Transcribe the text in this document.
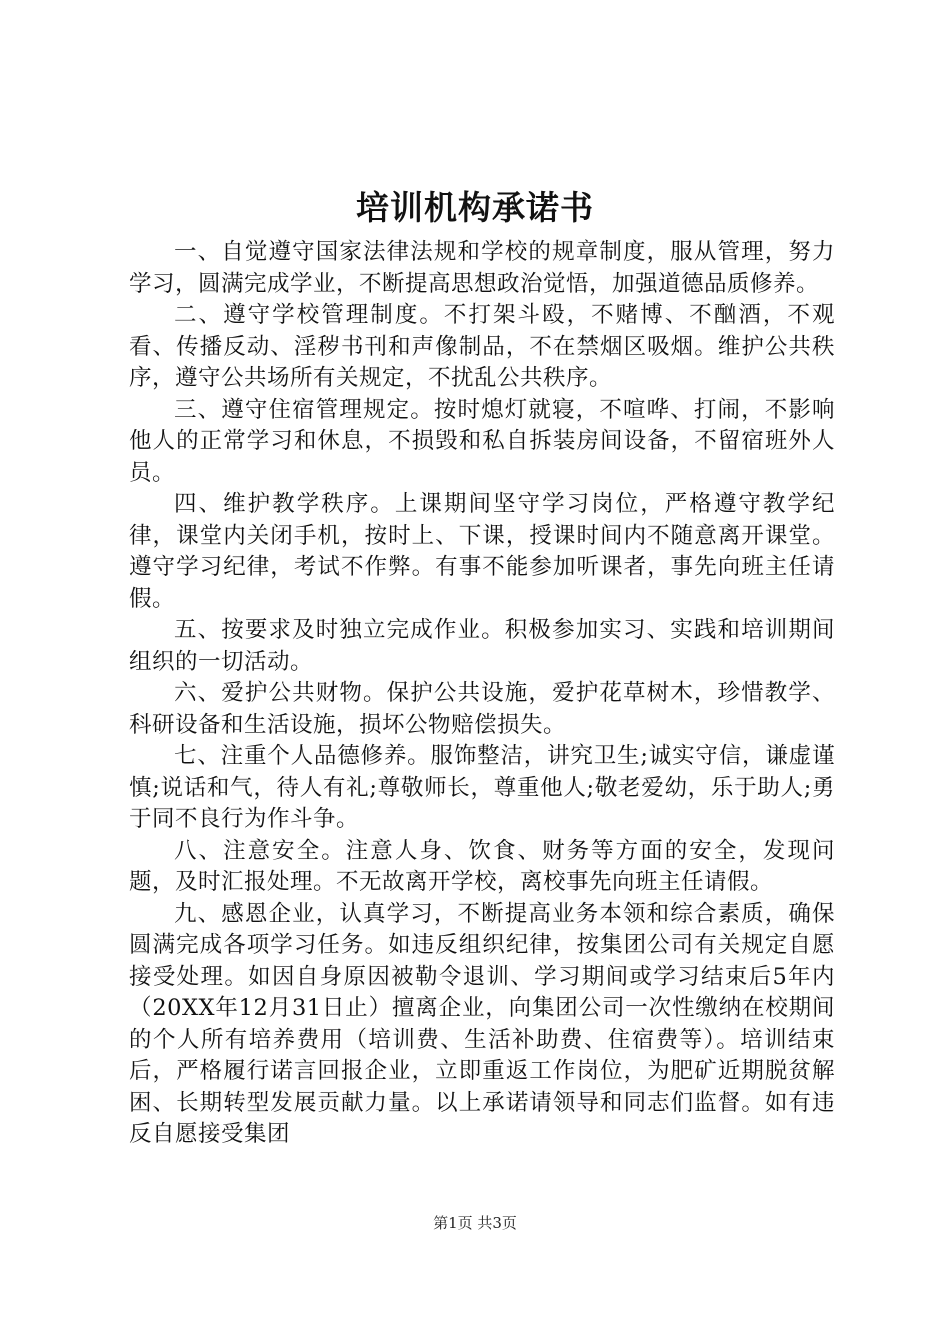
培训机构承诺书

一、自觉遵守国家法律法规和学校的规章制度，服从管理，努力学习，圆满完成学业，不断提高思想政治觉悟，加强道德品质修养。

二、遵守学校管理制度。不打架斗殴，不赌博、不酗酒，不观看、传播反动、淫秽书刊和声像制品，不在禁烟区吸烟。维护公共秩序，遵守公共场所有关规定，不扰乱公共秩序。

三、遵守住宿管理规定。按时熄灯就寝，不喧哗、打闹，不影响他人的正常学习和休息，不损毁和私自拆装房间设备，不留宿班外人员。

四、维护教学秩序。上课期间坚守学习岗位，严格遵守教学纪律，课堂内关闭手机，按时上、下课，授课时间内不随意离开课堂。遵守学习纪律，考试不作弊。有事不能参加听课者，事先向班主任请假。

五、按要求及时独立完成作业。积极参加实习、实践和培训期间组织的一切活动。

六、爱护公共财物。保护公共设施，爱护花草树木，珍惜教学、科研设备和生活设施，损坏公物赔偿损失。

七、注重个人品德修养。服饰整洁，讲究卫生;诚实守信，谦虚谨慎;说话和气，待人有礼;尊敬师长，尊重他人;敬老爱幼，乐于助人;勇于同不良行为作斗争。

八、注意安全。注意人身、饮食、财务等方面的安全，发现问题，及时汇报处理。不无故离开学校，离校事先向班主任请假。

九、感恩企业，认真学习，不断提高业务本领和综合素质，确保圆满完成各项学习任务。如违反组织纪律，按集团公司有关规定自愿接受处理。如因自身原因被勒令退训、学习期间或学习结束后5年内（20XX年12月31日止）擅离企业，向集团公司一次性缴纳在校期间的个人所有培养费用（培训费、生活补助费、住宿费等）。培训结束后，严格履行诺言回报企业，立即重返工作岗位，为肥矿近期脱贫解困、长期转型发展贡献力量。以上承诺请领导和同志们监督。如有违反自愿接受集团

第1页 共3页
